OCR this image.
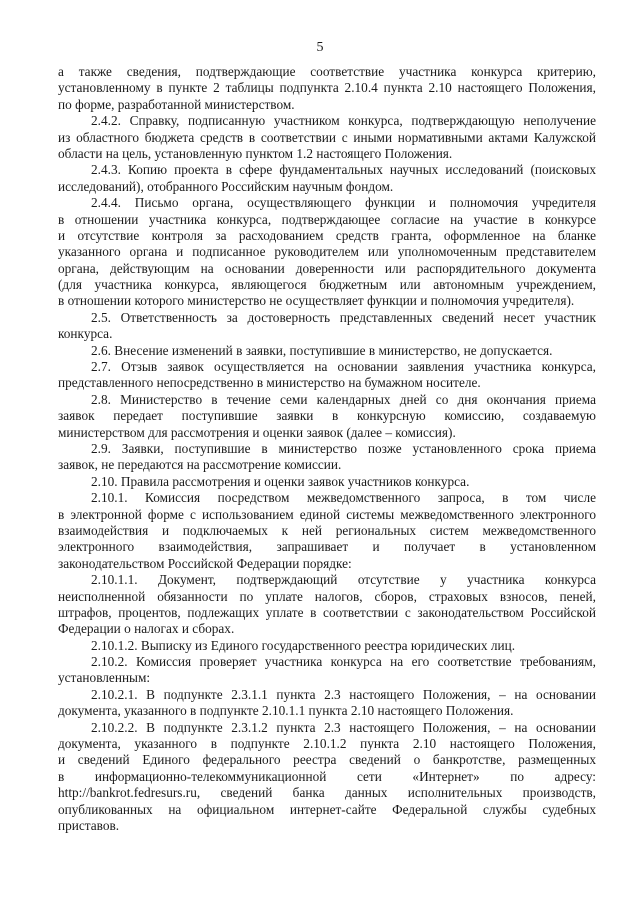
5
а также сведения, подтверждающие соответствие участника конкурса критерию,
установленному в пункте 2 таблицы подпункта 2.10.4 пункта 2.10 настоящего Положения,
по форме, разработанной министерством.
2.4.2. Справку, подписанную участником конкурса, подтверждающую неполучение
из областного бюджета средств в соответствии с иными нормативными актами Калужской
области на цель, установленную пунктом 1.2 настоящего Положения.
2.4.3. Копию проекта в сфере фундаментальных научных исследований (поисковых
исследований), отобранного Российским научным фондом.
2.4.4. Письмо органа, осуществляющего функции и полномочия учредителя
в отношении участника конкурса, подтверждающее согласие на участие в конкурсе
и отсутствие контроля за расходованием средств гранта, оформленное на бланке
указанного органа и подписанное руководителем или уполномоченным представителем
органа, действующим на основании доверенности или распорядительного документа
(для участника конкурса, являющегося бюджетным или автономным учреждением,
в отношении которого министерство не осуществляет функции и полномочия учредителя).
2.5. Ответственность за достоверность представленных сведений несет участник
конкурса.
2.6. Внесение изменений в заявки, поступившие в министерство, не допускается.
2.7. Отзыв заявок осуществляется на основании заявления участника конкурса,
представленного непосредственно в министерство на бумажном носителе.
2.8. Министерство в течение семи календарных дней со дня окончания приема
заявок передает поступившие заявки в конкурсную комиссию, создаваемую
министерством для рассмотрения и оценки заявок (далее – комиссия).
2.9. Заявки, поступившие в министерство позже установленного срока приема
заявок, не передаются на рассмотрение комиссии.
2.10. Правила рассмотрения и оценки заявок участников конкурса.
2.10.1. Комиссия посредством межведомственного запроса, в том числе
в электронной форме с использованием единой системы межведомственного электронного
взаимодействия и подключаемых к ней региональных систем межведомственного
электронного взаимодействия, запрашивает и получает в установленном
законодательством Российской Федерации порядке:
2.10.1.1. Документ, подтверждающий отсутствие у участника конкурса
неисполненной обязанности по уплате налогов, сборов, страховых взносов, пеней,
штрафов, процентов, подлежащих уплате в соответствии с законодательством Российской
Федерации о налогах и сборах.
2.10.1.2. Выписку из Единого государственного реестра юридических лиц.
2.10.2. Комиссия проверяет участника конкурса на его соответствие требованиям,
установленным:
2.10.2.1. В подпункте 2.3.1.1 пункта 2.3 настоящего Положения, – на основании
документа, указанного в подпункте 2.10.1.1 пункта 2.10 настоящего Положения.
2.10.2.2. В подпункте 2.3.1.2 пункта 2.3 настоящего Положения, – на основании
документа, указанного в подпункте 2.10.1.2 пункта 2.10 настоящего Положения,
и сведений Единого федерального реестра сведений о банкротстве, размещенных
в информационно-телекоммуникационной сети «Интернет» по адресу:
http://bankrot.fedresurs.ru, сведений банка данных исполнительных производств,
опубликованных на официальном интернет-сайте Федеральной службы судебных
приставов.
